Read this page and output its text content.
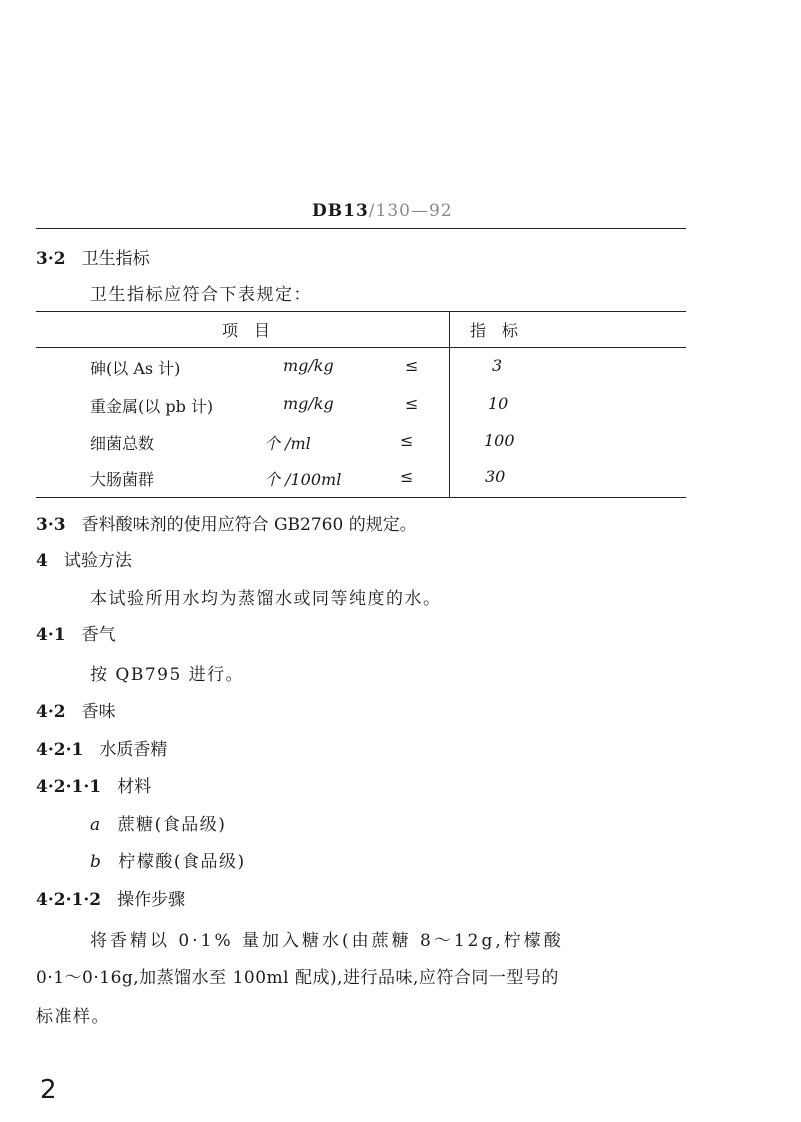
DB13/130—92
3·2 卫生指标
卫生指标应符合下表规定：
项　目	指　标
砷(以 As 计)	mg/kg	≤	3
重金属(以 pb 计)	mg/kg	≤	10
细菌总数	个 /ml	≤	100
大肠菌群	个 /100ml	≤	30
3·3 香料酸味剂的使用应符合 GB2760 的规定。
4 试验方法
本试验所用水均为蒸馏水或同等纯度的水。
4·1 香气
按 QB795 进行。
4·2 香味
4·2·1 水质香精
4·2·1·1 材料
a 蔗糖(食品级)
b 柠檬酸(食品级)
4·2·1·2 操作步骤
将香精以 0·1% 量加入糖水(由蔗糖 8～12g,柠檬酸
0·1～0·16g,加蒸馏水至 100ml 配成),进行品味,应符合同一型号的
标准样。
2
